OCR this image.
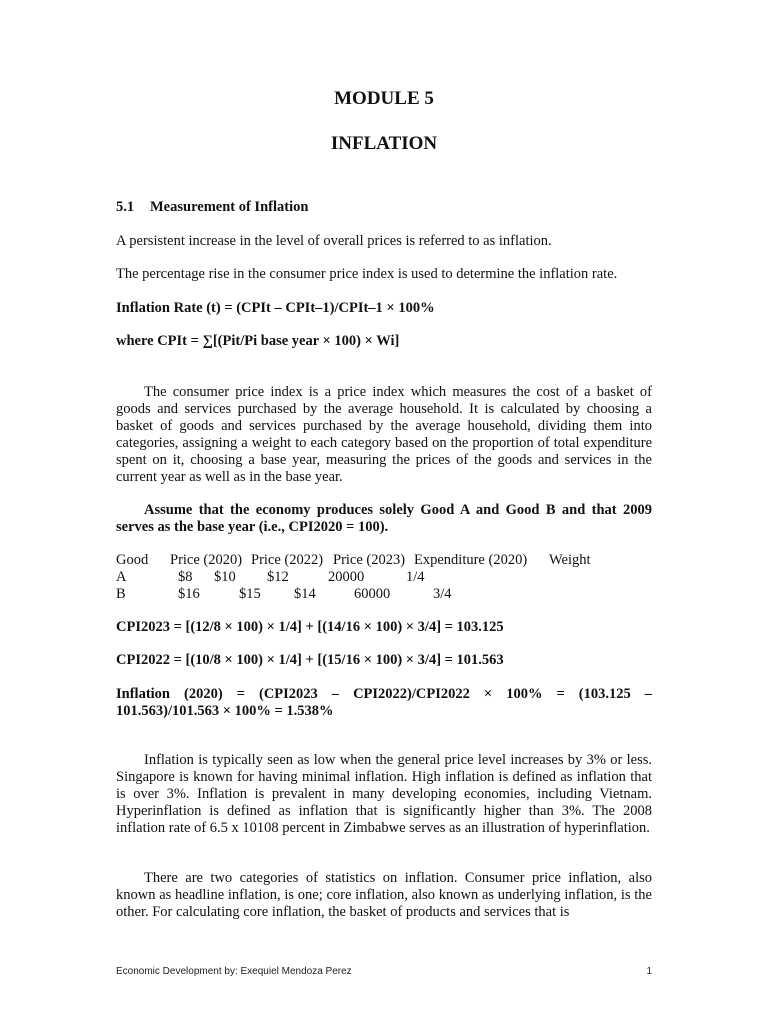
MODULE 5
INFLATION
5.1 Measurement of Inflation

A persistent increase in the level of overall prices is referred to as inflation.

The percentage rise in the consumer price index is used to determine the inflation rate.

Inflation Rate (t) = (CPIt – CPIt–1)/CPIt–1 × 100%

where CPIt = ∑[(Pit/Pi base year × 100) × Wi]

The consumer price index is a price index which measures the cost of a basket of goods and services purchased by the average household. It is calculated by choosing a basket of goods and services purchased by the average household, dividing them into categories, assigning a weight to each category based on the proportion of total expenditure spent on it, choosing a base year, measuring the prices of the goods and services in the current year as well as in the base year.

Assume that the economy produces solely Good A and Good B and that 2009 serves as the base year (i.e., CPI2020 = 100).

Good Price (2020) Price (2022) Price (2023) Expenditure (2020) Weight
A	$8 $10 $12	20000	1/4
B	$16	$15 $14	60000	3/4

CPI2023 = [(12/8 × 100) × 1/4] + [(14/16 × 100) × 3/4] = 103.125

CPI2022 = [(10/8 × 100) × 1/4] + [(15/16 × 100) × 3/4] = 101.563

Inflation (2020) = (CPI2023 – CPI2022)/CPI2022 × 100% = (103.125 – 101.563)/101.563 × 100% = 1.538%

Inflation is typically seen as low when the general price level increases by 3% or less. Singapore is known for having minimal inflation. High inflation is defined as inflation that is over 3%. Inflation is prevalent in many developing economies, including Vietnam. Hyperinflation is defined as inflation that is significantly higher than 3%. The 2008 inflation rate of 6.5 x 10108 percent in Zimbabwe serves as an illustration of hyperinflation.

There are two categories of statistics on inflation. Consumer price inflation, also known as headline inflation, is one; core inflation, also known as underlying inflation, is the other. For calculating core inflation, the basket of products and services that is

Economic Development by: Exequiel Mendoza Perez	1
